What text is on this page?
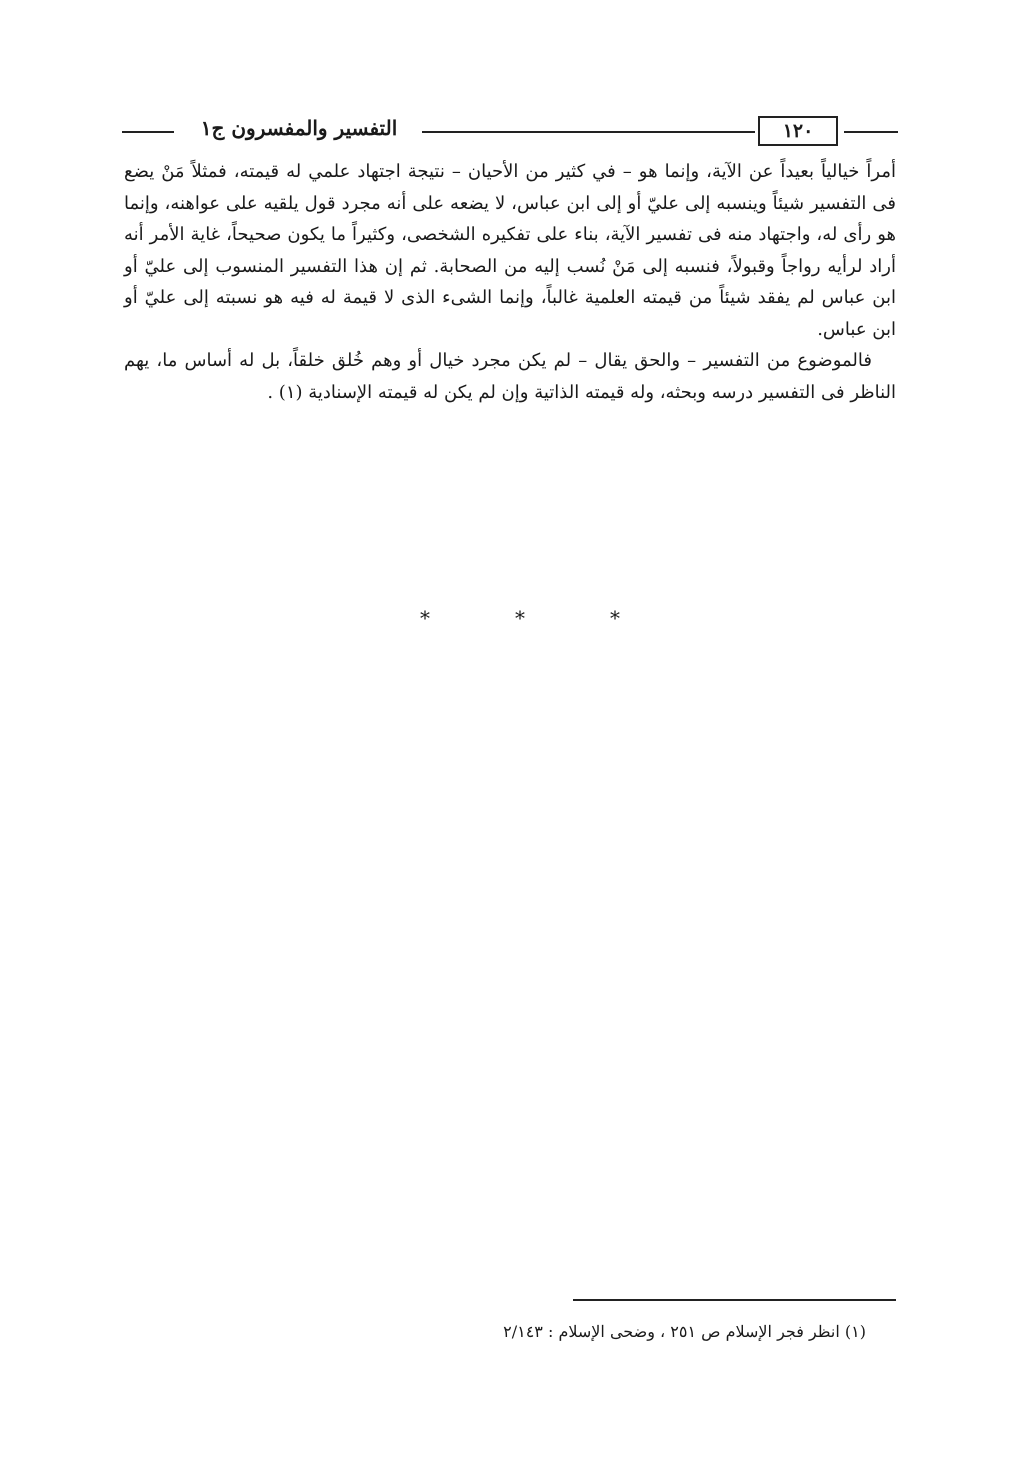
التفسير والمفسرون ج١	١٢٠

أمراً خيالياً بعيداً عن الآية، وإنما هو – في كثير من الأحيان – نتيجة اجتهاد علمي له قيمته، فمثلاً مَنْ يضع فى التفسير شيئاً وينسبه إلى عليّ أو إلى ابن عباس، لا يضعه على أنه مجرد قول يلقيه على عواهنه، وإنما هو رأى له، واجتهاد منه فى تفسير الآية، بناء على تفكيره الشخصى، وكثيراً ما يكون صحيحاً، غاية الأمر أنه أراد لرأيه رواجاً وقبولاً، فنسبه إلى مَنْ نُسب إليه من الصحابة. ثم إن هذا التفسير المنسوب إلى عليّ أو ابن عباس لم يفقد شيئاً من قيمته العلمية غالباً، وإنما الشىء الذى لا قيمة له فيه هو نسبته إلى عليّ أو ابن عباس.

فالموضوع من التفسير – والحق يقال – لم يكن مجرد خيال أو وهم خُلق خلقاً، بل له أساس ما، يهم الناظر فى التفسير درسه وبحثه، وله قيمته الذاتية وإن لم يكن له قيمته الإسنادية (١) .

*	*	*
(١) انظر فجر الإسلام ص ٢٥١ ، وضحى الإسلام : ٢/١٤٣
